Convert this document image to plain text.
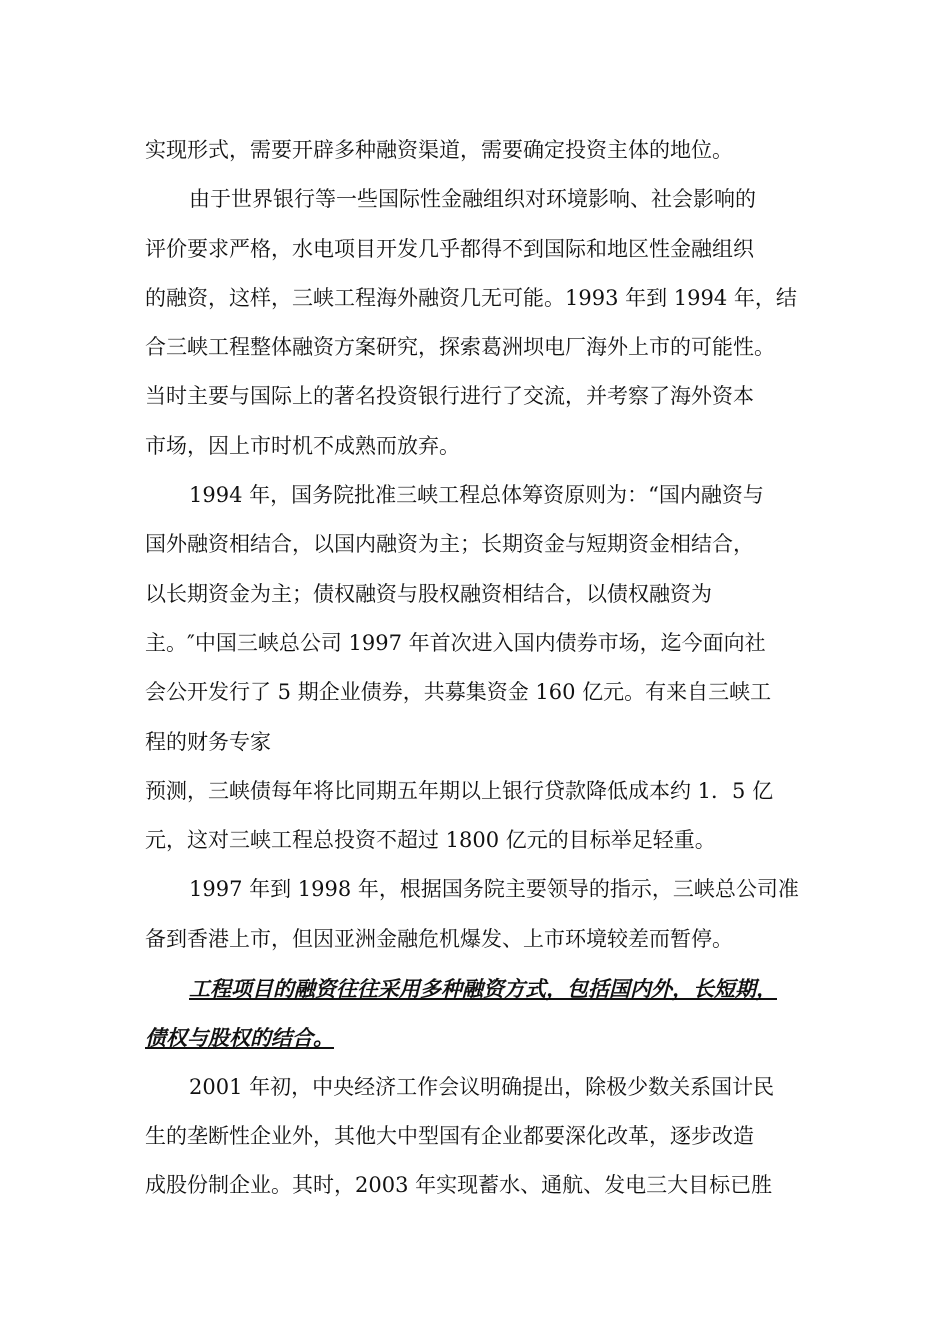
实现形式，需要开辟多种融资渠道，需要确定投资主体的地位。
由于世界银行等一些国际性金融组织对环境影响、社会影响的
评价要求严格，水电项目开发几乎都得不到国际和地区性金融组织
的融资，这样，三峡工程海外融资几无可能。1993 年到 1994 年，结
合三峡工程整体融资方案研究，探索葛洲坝电厂海外上市的可能性。
当时主要与国际上的著名投资银行进行了交流，并考察了海外资本
市场，因上市时机不成熟而放弃。
1994 年，国务院批准三峡工程总体筹资原则为：“国内融资与
国外融资相结合，以国内融资为主；长期资金与短期资金相结合，
以长期资金为主；债权融资与股权融资相结合，以债权融资为
主。″中国三峡总公司 1997 年首次进入国内债券市场，迄今面向社
会公开发行了 5 期企业债券，共募集资金 160 亿元。有来自三峡工
程的财务专家
预测，三峡债每年将比同期五年期以上银行贷款降低成本约 1．5 亿
元，这对三峡工程总投资不超过 1800 亿元的目标举足轻重。
1997 年到 1998 年，根据国务院主要领导的指示，三峡总公司准
备到香港上市，但因亚洲金融危机爆发、上市环境较差而暂停。
工程项目的融资往往采用多种融资方式，包括国内外，长短期，
债权与股权的结合。
2001 年初，中央经济工作会议明确提出，除极少数关系国计民
生的垄断性企业外，其他大中型国有企业都要深化改革，逐步改造
成股份制企业。其时，2003 年实现蓄水、通航、发电三大目标已胜
